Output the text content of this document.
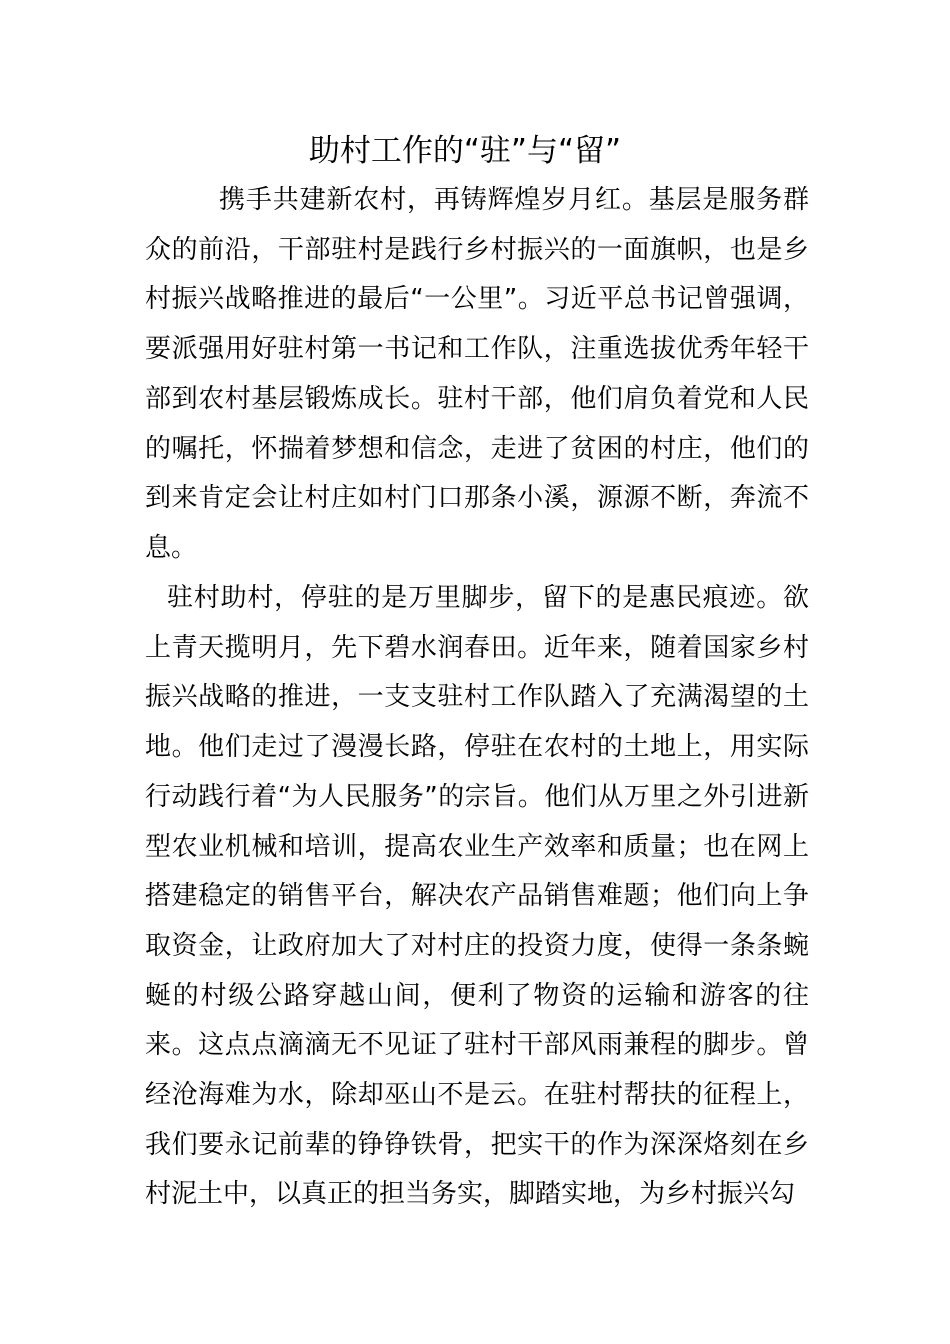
助村工作的“驻”与“留”

携手共建新农村，再铸辉煌岁月红。基层是服务群众的前沿，干部驻村是践行乡村振兴的一面旗帜，也是乡村振兴战略推进的最后“一公里”。习近平总书记曾强调，要派强用好驻村第一书记和工作队，注重选拔优秀年轻干部到农村基层锻炼成长。驻村干部，他们肩负着党和人民的嘱托，怀揣着梦想和信念，走进了贫困的村庄，他们的到来肯定会让村庄如村门口那条小溪，源源不断，奔流不息。

驻村助村，停驻的是万里脚步，留下的是惠民痕迹。欲上青天揽明月，先下碧水润春田。近年来，随着国家乡村振兴战略的推进，一支支驻村工作队踏入了充满渴望的土地。他们走过了漫漫长路，停驻在农村的土地上，用实际行动践行着“为人民服务”的宗旨。他们从万里之外引进新型农业机械和培训，提高农业生产效率和质量；也在网上搭建稳定的销售平台，解决农产品销售难题；他们向上争取资金，让政府加大了对村庄的投资力度，使得一条条蜿蜒的村级公路穿越山间，便利了物资的运输和游客的往来。这点点滴滴无不见证了驻村干部风雨兼程的脚步。曾经沧海难为水，除却巫山不是云。在驻村帮扶的征程上，我们要永记前辈的铮铮铁骨，把实干的作为深深烙刻在乡村泥土中，以真正的担当务实，脚踏实地，为乡村振兴勾
